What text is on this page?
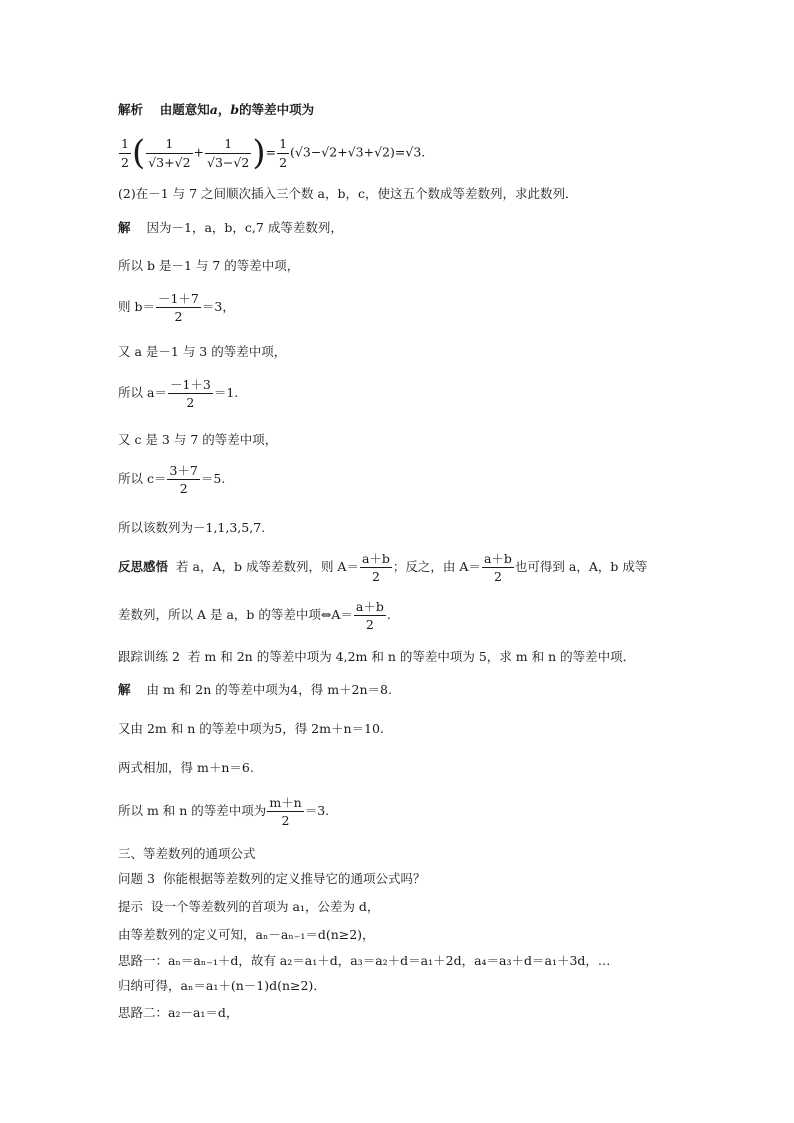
解析 由题意知a，b的等差中项为
$\frac{1}{2}$ ( $\frac{1}{√3+√2} + \frac{1}{√3-√2}$ )= $\frac{1}{2} (√3-√2+√3+√2)=√3$.
(2)在－1 与 7 之间顺次插入三个数 a，b，c，使这五个数成等差数列，求此数列．
解 因为－1，a，b，c,7 成等差数列，
所以 b 是－1 与 7 的等差中项，
则 $b= \frac{-1+7}{2} =3$，
又 a 是－1 与 3 的等差中项，
所以 $a= \frac{-1+3}{2} =1$.
又 c 是 3 与 7 的等差中项，
所以 $c= \frac{3+7}{2} =5$.
所以该数列为－1,1,3,5,7.
反思感悟 若 a，A，b 成等差数列，则 $A= \frac{a+b}{2}$ ；反之，由 $A= \frac{a+b}{2}$ 也可得到 a，A，b 成等
差数列，所以 A 是 a，b 的等差中项⇔A＝ $\frac{a+b}{2}$ .
跟踪训练 2 若 m 和 2n 的等差中项为 4,2m 和 n 的等差中项为 5，求 m 和 n 的等差中项．
解 由 m 和 2n 的等差中项为4，得 m＋2n＝8.
又由 2m 和 n 的等差中项为5，得 2m＋n＝10.
两式相加，得 m＋n＝6.
所以 m 和 n 的等差中项为 $\frac{m+n}{2} =3$.
三、等差数列的通项公式
问题 3 你能根据等差数列的定义推导它的通项公式吗？
提示 设一个等差数列的首项为 a₁，公差为 d，
由等差数列的定义可知，aₙ－aₙ₋₁＝d(n≥2)，
思路一：aₙ＝aₙ₋₁＋d，故有 a₂＝a₁＋d，a₃＝a₂＋d＝a₁＋2d，a₄＝a₃＋d＝a₁＋3d，…
归纳可得，aₙ＝a₁＋(n－1)d(n≥2)．
思路二：a₂－a₁＝d，
